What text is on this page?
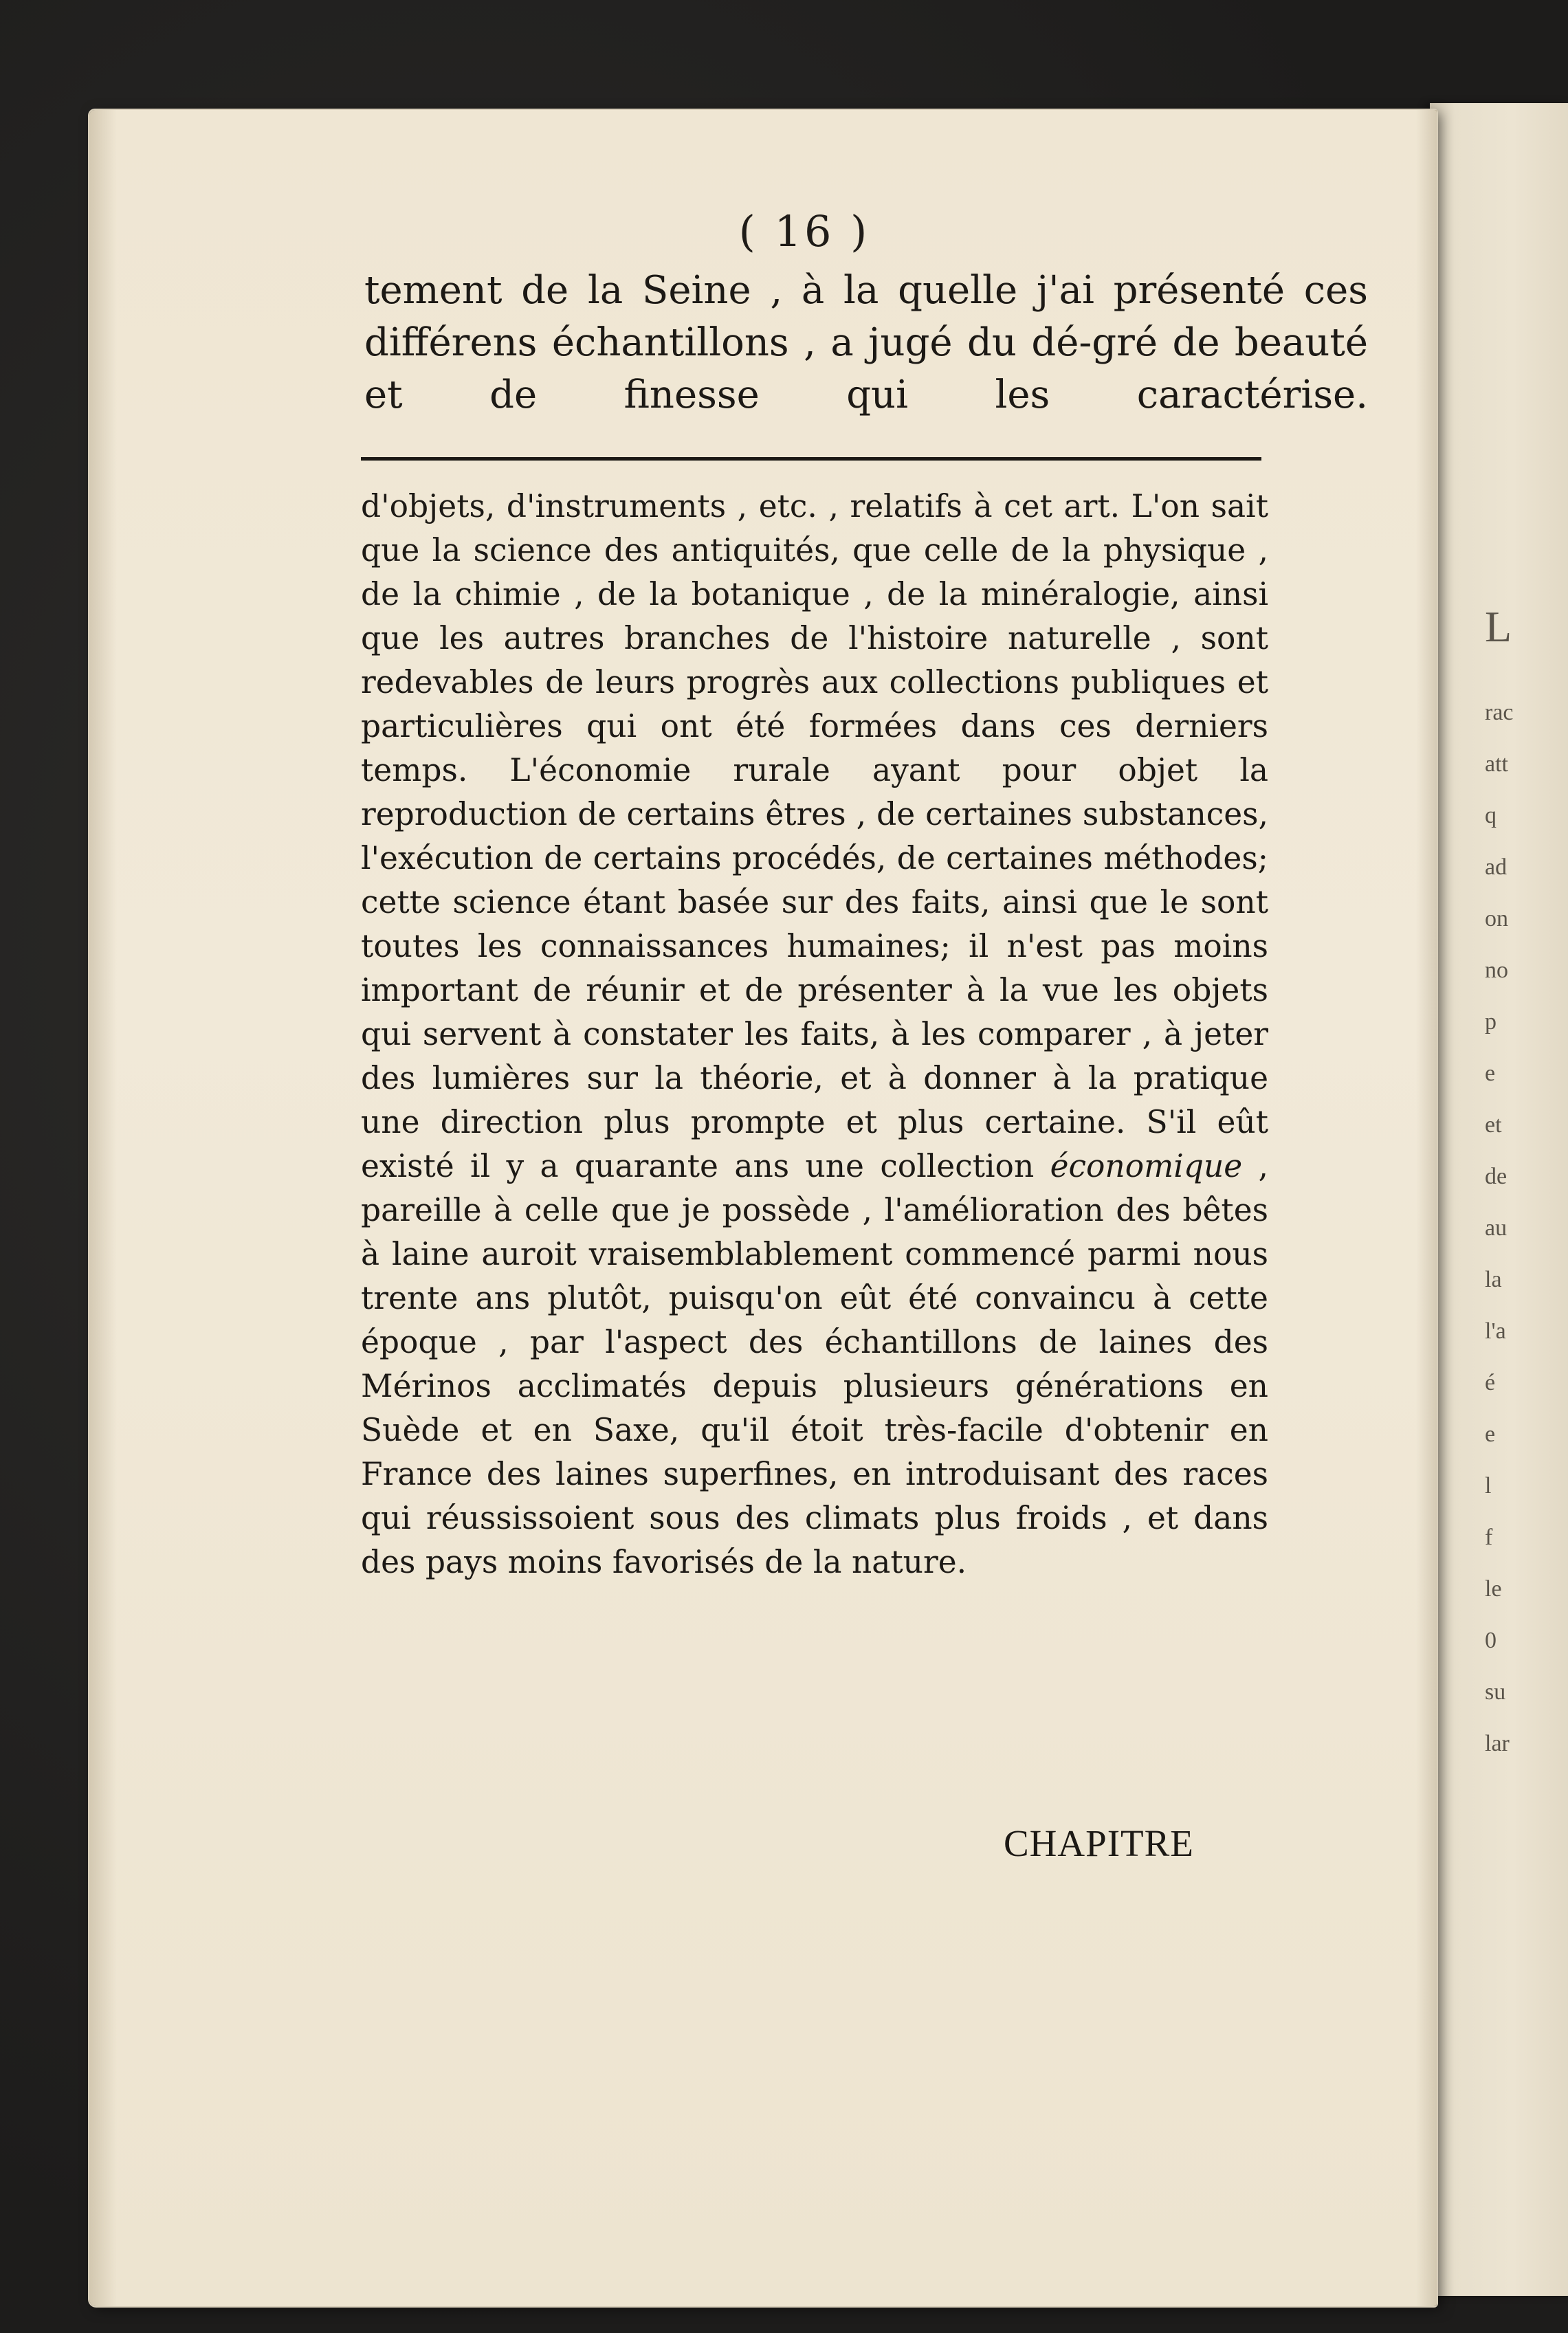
L
rac
att
q
ad
on
no
p
e
et
de
au
la
l'a
é
e
l
f
le
0
su
lar
( 16 )

tement de la Seine , à la quelle j'ai présenté ces différens échantillons , a jugé du dé-gré de beauté et de finesse qui les caractérise.

d'objets, d'instruments , etc. , relatifs à cet art. L'on sait que la science des antiquités, que celle de la physique , de la chimie , de la botanique , de la minéralogie, ainsi que les autres branches de l'histoire naturelle , sont redevables de leurs progrès aux collections publiques et particulières qui ont été formées dans ces derniers temps. L'économie rurale ayant pour objet la reproduction de certains êtres , de certaines substances, l'exécution de certains procédés, de certaines méthodes; cette science étant basée sur des faits, ainsi que le sont toutes les connaissances humaines; il n'est pas moins important de réunir et de présenter à la vue les objets qui servent à constater les faits, à les comparer , à jeter des lumières sur la théorie, et à donner à la pratique une direction plus prompte et plus certaine. S'il eût existé il y a quarante ans une collection économique , pareille à celle que je possède , l'amélioration des bêtes à laine auroit vraisemblablement commencé parmi nous trente ans plutôt, puisqu'on eût été convaincu à cette époque , par l'aspect des échantillons de laines des Mérinos acclimatés depuis plusieurs générations en Suède et en Saxe, qu'il étoit très-facile d'obtenir en France des laines superfines, en introduisant des races qui réussissoient sous des climats plus froids , et dans des pays moins favorisés de la nature.

CHAPITRE
